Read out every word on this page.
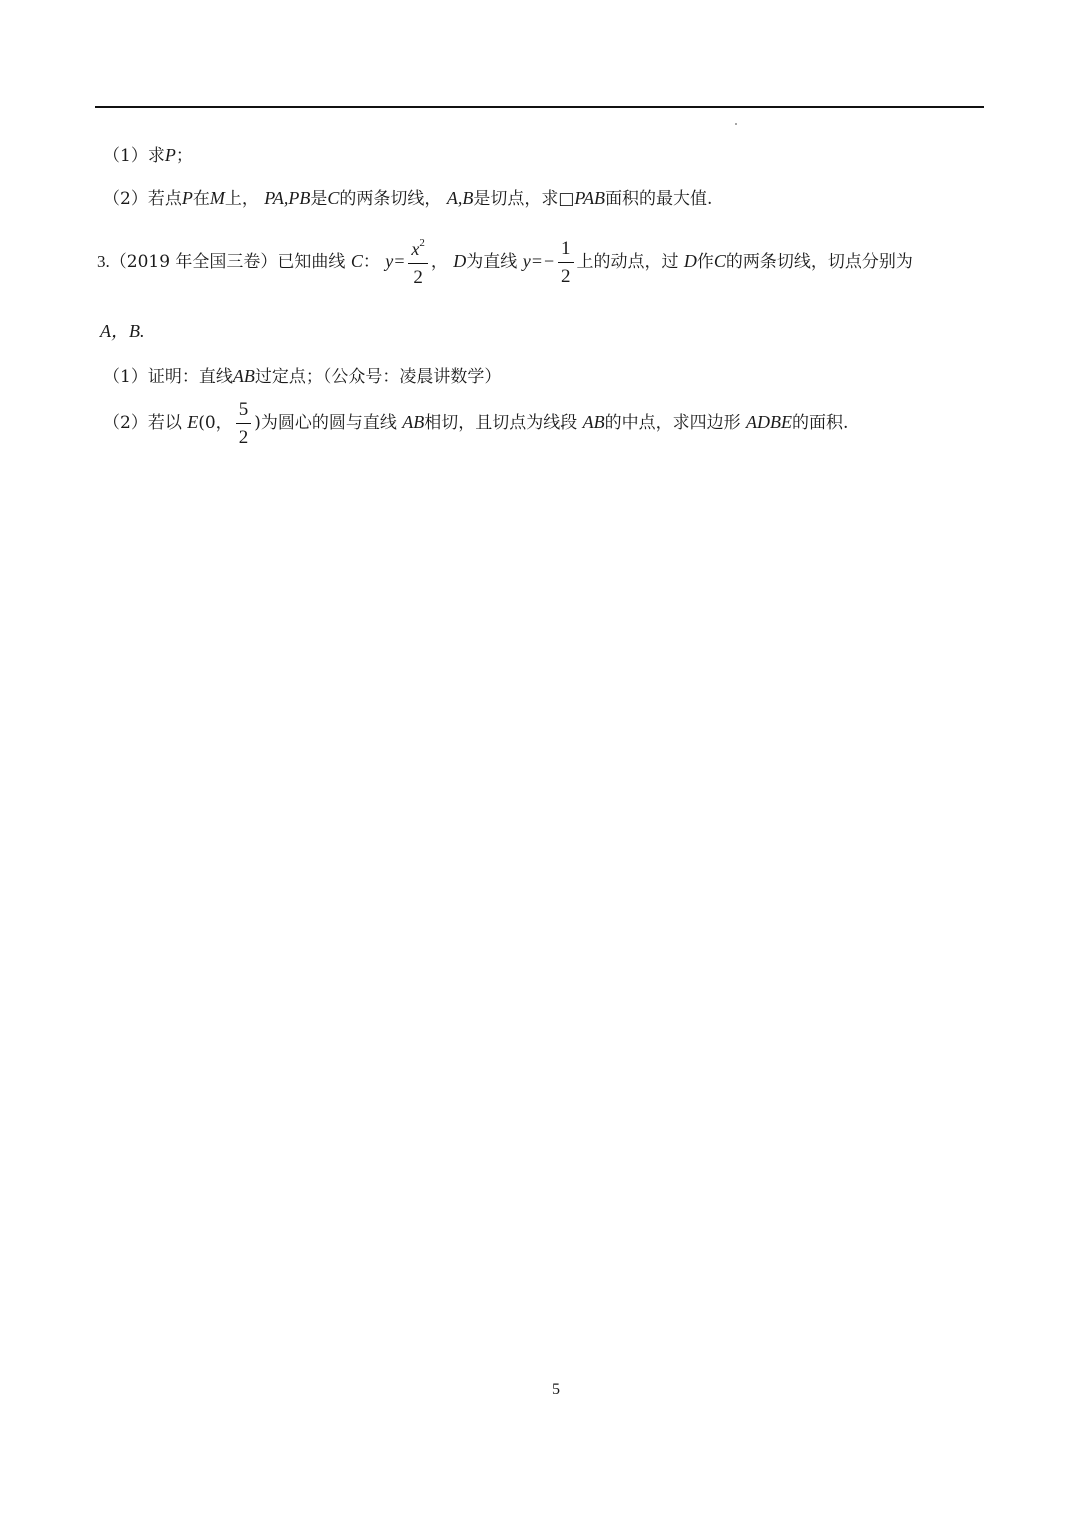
（1）求P；
（2）若点P在M上， PA,PB是C的两条切线， A,B是切点，求□PAB面积的最大值.
3.（2019 年全国三卷）已知曲线 C： $y= \frac{x^2}{2}$ ， D为直线 $y=- \frac{1}{2}$ 上的动点，过 D作C的两条切线，切点分别为
A，B.
（1）证明：直线AB过定点；（公众号：凌晨讲数学）
（2）若以 E(0， $\frac{5}{2}$ )为圆心的圆与直线 AB相切，且切点为线段 AB的中点，求四边形 ADBE的面积.
5
